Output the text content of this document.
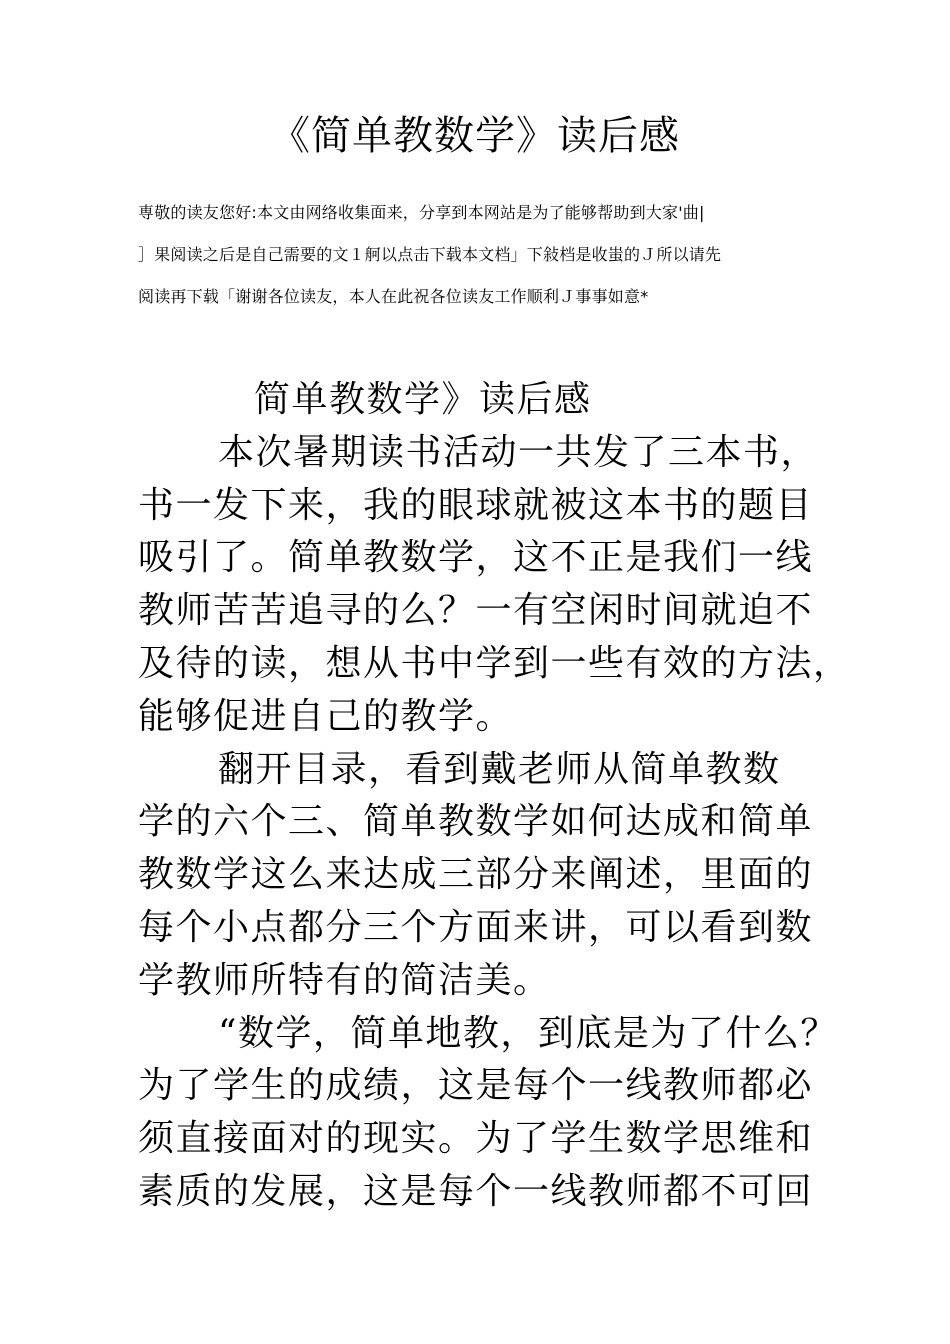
《简单教数学》读后感
専敬的读友您好:本文由网络收集面来，分享到本网站是为了能够帮助到大家'曲|
］果阅读之后是自己需要的文１舸以点击下载本文档」下敍档是收蚩的Ｊ所以请先
阅读再下载「谢谢各位读友，本人在此祝各位读友工作顺利Ｊ事事如意*
简单教数学》读后感
本次暑期读书活动一共发了三本书，
书一发下来，我的眼球就被这本书的题目
吸引了。简单教数学，这不正是我们一线
教师苦苦追寻的么？一有空闲时间就迫不
及待的读，想从书中学到一些有效的方法，
能够促进自己的教学。
翻开目录，看到戴老师从简单教数
学的六个三、简单教数学如何达成和简单
教数学这么来达成三部分来阐述，里面的
每个小点都分三个方面来讲，可以看到数
学教师所特有的简洁美。
“数学，简单地教，到底是为了什么？
为了学生的成绩，这是每个一线教师都必
须直接面对的现实。为了学生数学思维和
素质的发展，这是每个一线教师都不可回
